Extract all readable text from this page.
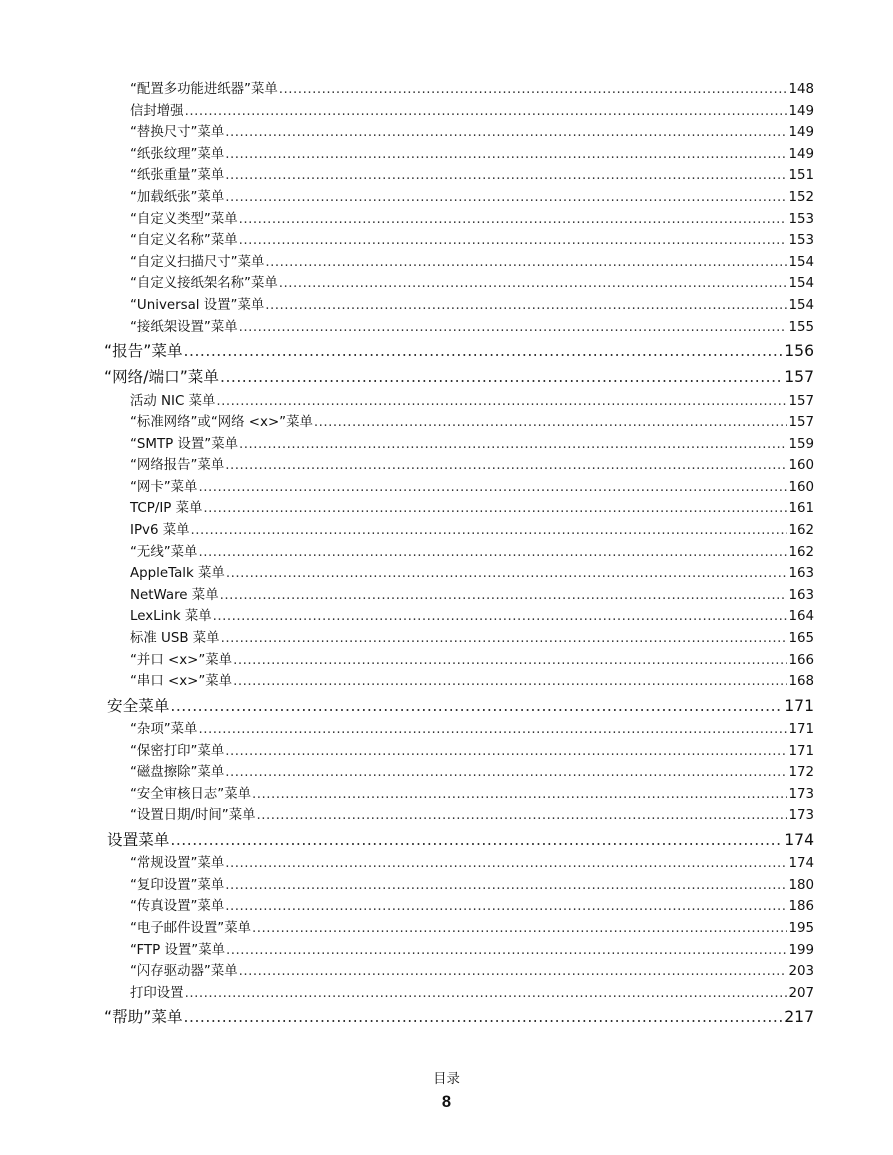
“配置多功能进纸器”菜单 .....	148
信封增强 .....	149
“替换尺寸”菜单 .....	149
“纸张纹理”菜单 .....	149
“纸张重量”菜单 .....	151
“加载纸张”菜单 .....	152
“自定义类型”菜单 .....	153
“自定义名称”菜单 .....	153
“自定义扫描尺寸”菜单 .....	154
“自定义接纸架名称”菜单 .....	154
“Universal 设置”菜单 .....	154
“接纸架设置”菜单 .....	155
“报告”菜单 .....	156
“网络/端口”菜单 .....	157
活动 NIC 菜单 .....	157
“标准网络”或“网络 <x>”菜单 .....	157
“SMTP 设置”菜单 .....	159
“网络报告”菜单 .....	160
“网卡”菜单 .....	160
TCP/IP 菜单 .....	161
IPv6 菜单 .....	162
“无线”菜单 .....	162
AppleTalk 菜单 .....	163
NetWare 菜单 .....	163
LexLink 菜单 .....	164
标准 USB 菜单 .....	165
“并口 <x>”菜单 .....	166
“串口 <x>”菜单 .....	168
安全菜单 .....	171
“杂项”菜单 .....	171
“保密打印”菜单 .....	171
“磁盘擦除”菜单 .....	172
“安全审核日志”菜单 .....	173
“设置日期/时间”菜单 .....	173
设置菜单 .....	174
“常规设置”菜单 .....	174
“复印设置”菜单 .....	180
“传真设置”菜单 .....	186
“电子邮件设置”菜单 .....	195
“FTP 设置”菜单 .....	199
“闪存驱动器”菜单 .....	203
打印设置 .....	207
“帮助”菜单 .....	217
目录
8
